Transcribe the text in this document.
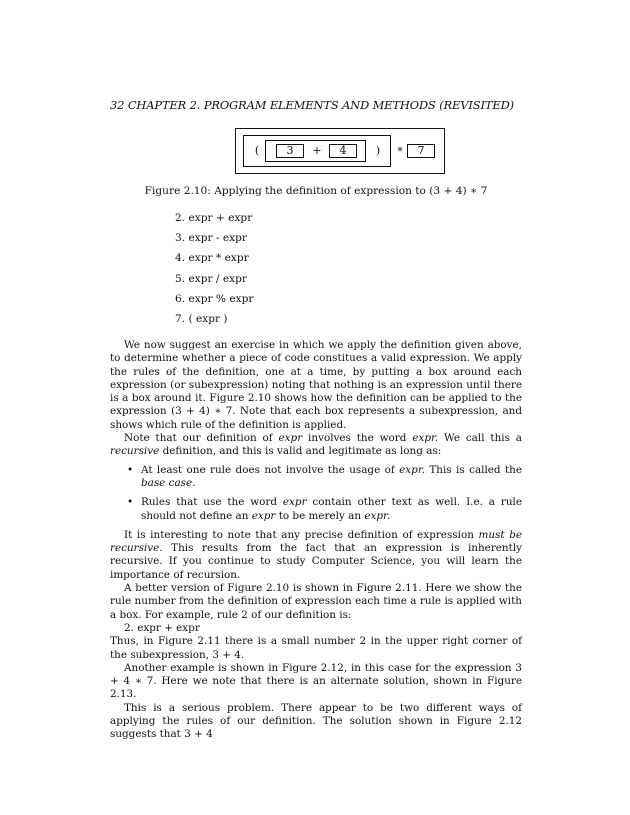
32 CHAPTER 2. PROGRAM ELEMENTS AND METHODS (REVISITED)
( 3 + 4	) * 7
Figure 2.10: Applying the definition of expression to (3 + 4) ∗ 7
2. expr + expr
3. expr - expr
4. expr * expr
5. expr / expr
6. expr % expr
7. ( expr )

We now suggest an exercise in which we apply the definition given above, to determine whether a piece of code constitues a valid expression. We apply the rules of the definition, one at a time, by putting a box around each expression (or subexpression) noting that nothing is an expression until there is a box around it. Figure 2.10 shows how the definition can be applied to the expression (3 + 4) ∗ 7. Note that each box represents a subexpression, and shows which rule of the definition is applied.

Note that our definition of expr involves the word expr. We call this a recursive definition, and this is valid and legitimate as long as:

• At least one rule does not involve the usage of expr. This is called the base case.

• Rules that use the word expr contain other text as well. I.e. a rule should not define an expr to be merely an expr.

It is interesting to note that any precise definition of expression must be recursive. This results from the fact that an expression is inherently recursive. If you continue to study Computer Science, you will learn the importance of recursion.

A better version of Figure 2.10 is shown in Figure 2.11. Here we show the rule number from the definition of expression each time a rule is applied with a box. For example, rule 2 of our definition is:

2. expr + expr

Thus, in Figure 2.11 there is a small number 2 in the upper right corner of the subexpression, 3 + 4.

Another example is shown in Figure 2.12, in this case for the expression 3 + 4 ∗ 7. Here we note that there is an alternate solution, shown in Figure 2.13.

This is a serious problem. There appear to be two different ways of applying the rules of our definition. The solution shown in Figure 2.12 suggests that 3 + 4
